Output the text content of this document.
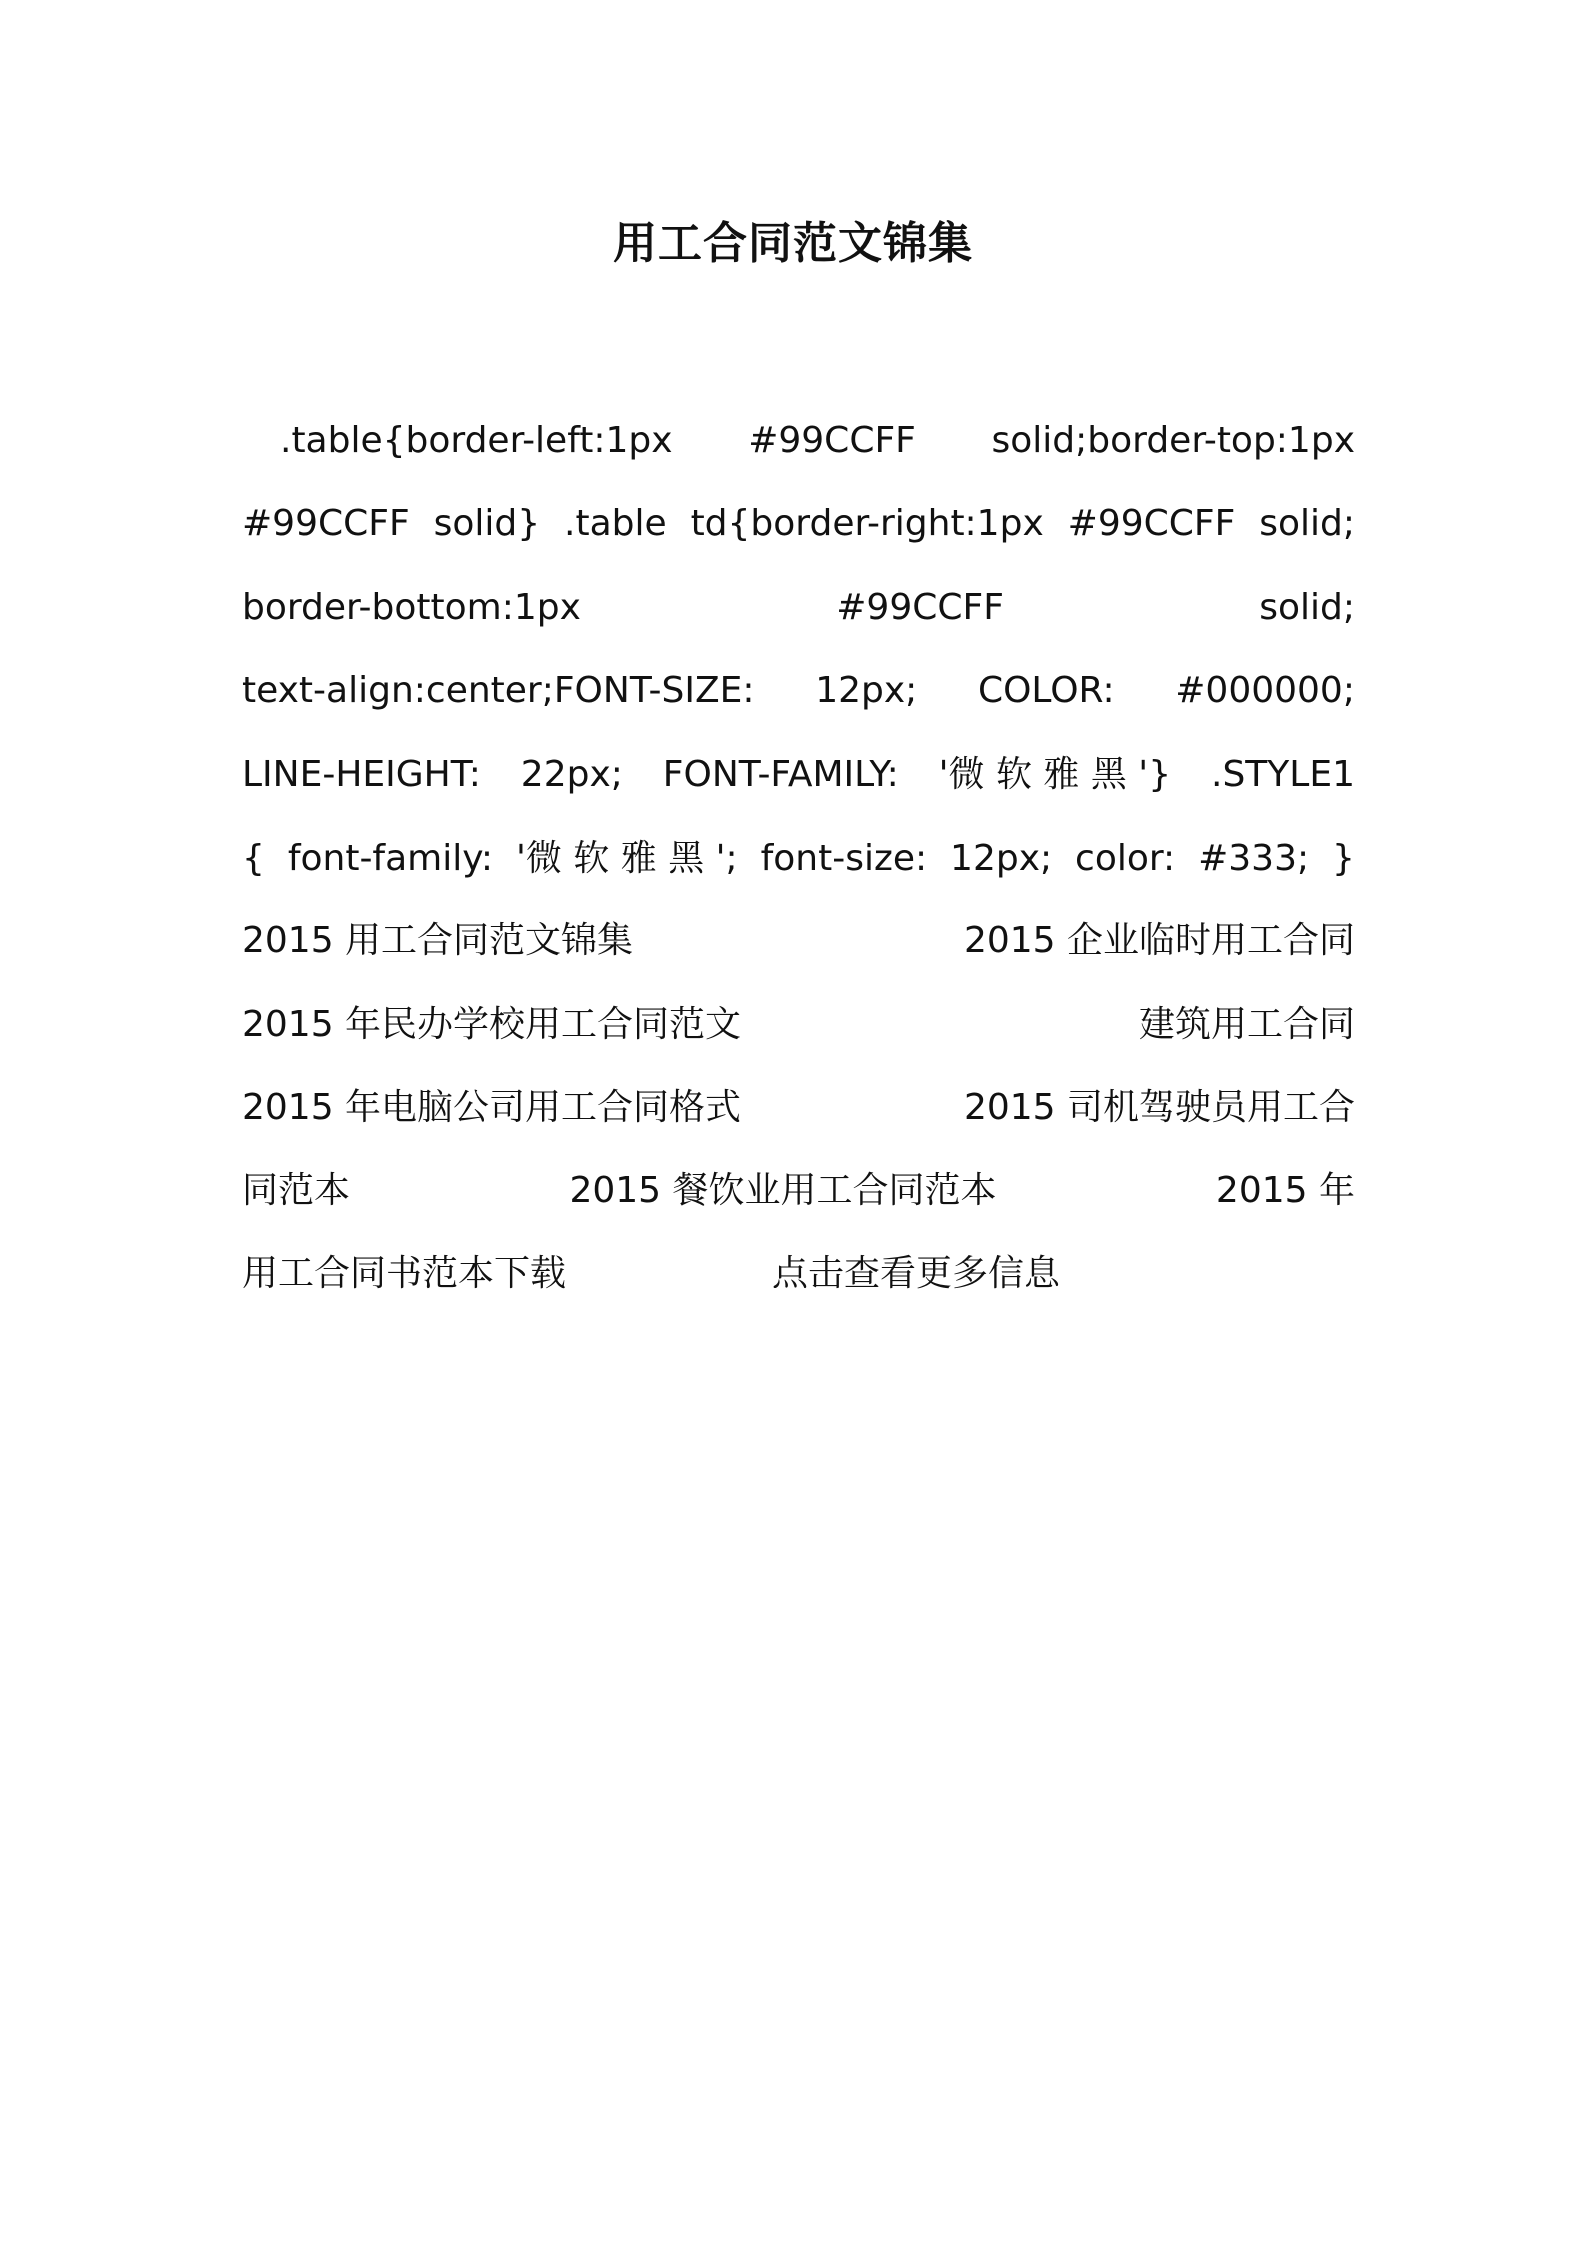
用工合同范文锦集
.table{border-left:1px #99CCFF solid;border-top:1px
#99CCFF solid} .table td{border-right:1px #99CCFF solid;
border-bottom:1px	#99CCFF	solid;
text-align:center;FONT-SIZE: 12px; COLOR: #000000;
LINE-HEIGHT: 22px; FONT-FAMILY: '微 软 雅 黑 '} .STYLE1
{ font-family: '微 软 雅 黑 '; font-size: 12px; color: #333; }
2015 用工合同范文锦集	2015 企业临时用工合同
2015 年民办学校用工合同范文	建筑用工合同
2015 年电脑公司用工合同格式	2015 司机驾驶员用工合
同范本	2015 餐饮业用工合同范本	2015 年
用工合同书范本下载	点击查看更多信息
